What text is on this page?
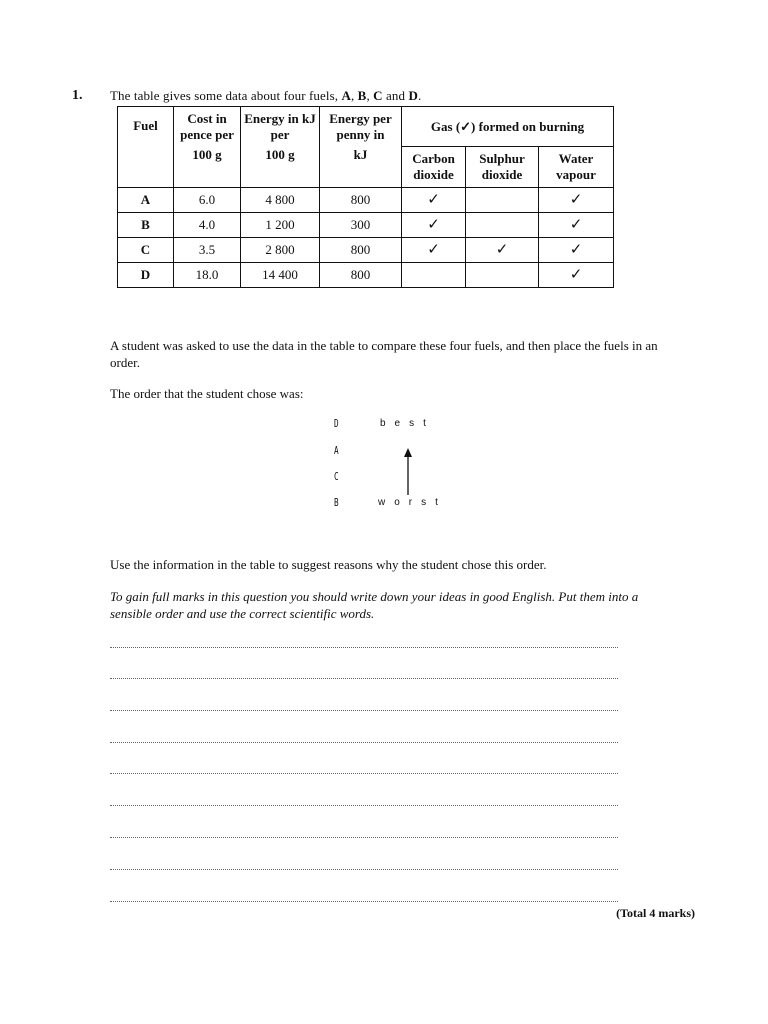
1. The table gives some data about four fuels, A, B, C and D.
Fuel	Cost in pence per	Energy in kJ per	Energy per penny in	Gas (✓) formed on burning		
	100 g	100 g	kJ	Carbon dioxide	Sulphur dioxide	Water vapour
A	6.0	4 800	800	✓		✓
B	4.0	1 200	300	✓		✓
C	3.5	2 800	800	✓	✓	✓
D	18.0	14 400	800			✓
A student was asked to use the data in the table to compare these four fuels, and then place the fuels in an order.
The order that the student chose was:
D
A
C
B
best
worst
Use the information in the table to suggest reasons why the student chose this order.
To gain full marks in this question you should write down your ideas in good English. Put them into a sensible order and use the correct scientific words.
(Total 4 marks)
